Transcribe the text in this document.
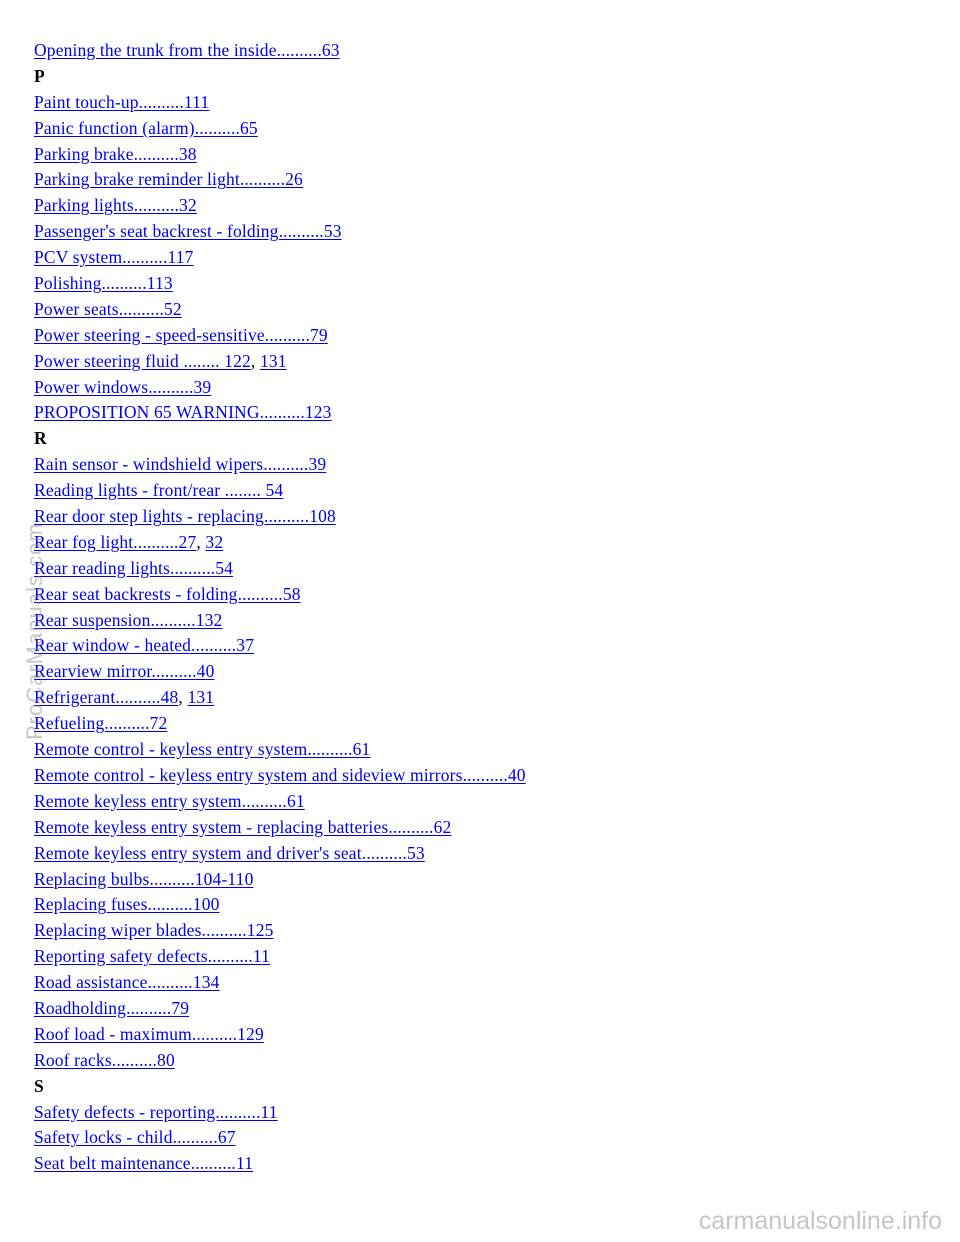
Opening the trunk from the inside..........63
P
Paint touch-up..........111
Panic function (alarm)..........65
Parking brake..........38
Parking brake reminder light..........26
Parking lights..........32
Passenger's seat backrest - folding..........53
PCV system..........117
Polishing..........113
Power seats..........52
Power steering - speed-sensitive..........79
Power steering fluid ........ 122, 131
Power windows..........39
PROPOSITION 65 WARNING..........123
R
Rain sensor - windshield wipers..........39
Reading lights - front/rear ........ 54
Rear door step lights - replacing..........108
Rear fog light..........27, 32
Rear reading lights..........54
Rear seat backrests - folding..........58
Rear suspension..........132
Rear window - heated..........37
Rearview mirror..........40
Refrigerant..........48, 131
Refueling..........72
Remote control - keyless entry system..........61
Remote control - keyless entry system and sideview mirrors..........40
Remote keyless entry system..........61
Remote keyless entry system - replacing batteries..........62
Remote keyless entry system and driver's seat..........53
Replacing bulbs..........104-110
Replacing fuses..........100
Replacing wiper blades..........125
Reporting safety defects..........11
Road assistance..........134
Roadholding..........79
Roof load - maximum..........129
Roof racks..........80
S
Safety defects - reporting..........11
Safety locks - child..........67
Seat belt maintenance..........11
ProCarManuals.com
carmanualsonline.info
